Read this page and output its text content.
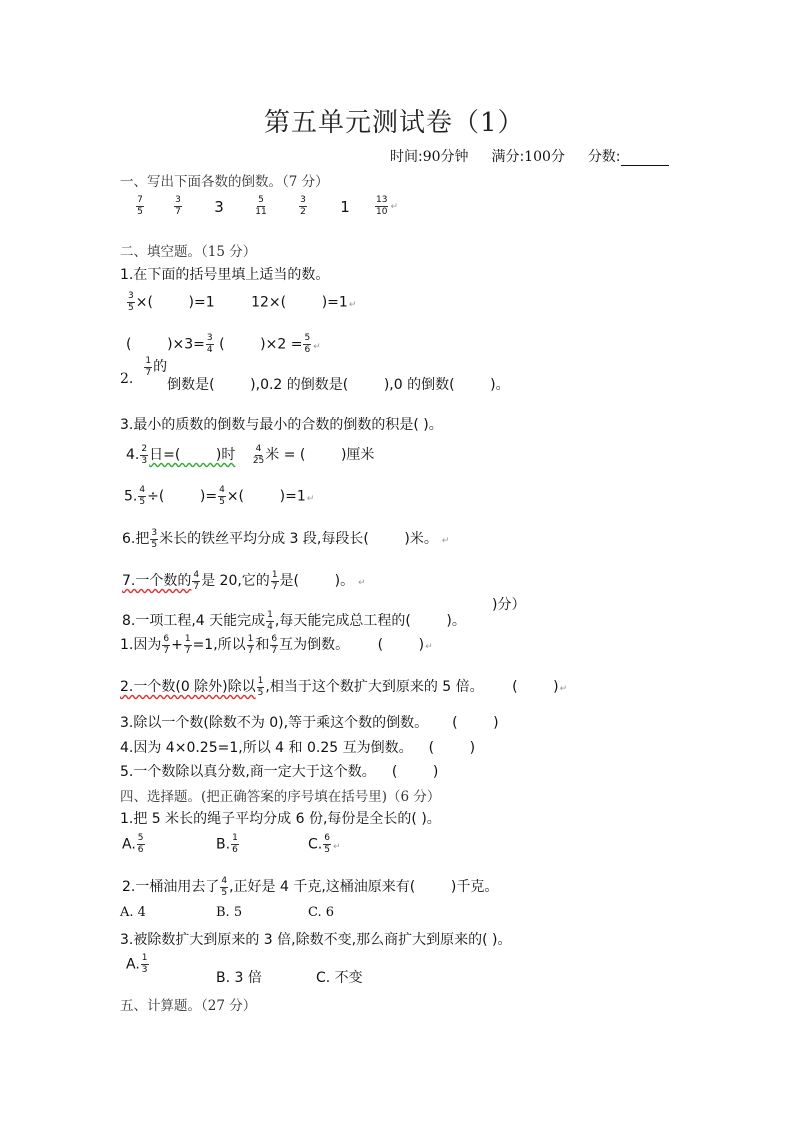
第五单元测试卷（1）
时间:90分钟 满分:100分 分数:
一、写出下面各数的倒数。（7 分）
$\frac{7}{5}$	$\frac{3}{7}$	3	$\frac{5}{11}$	$\frac{3}{2}$	1	$\frac{13}{10}$ ↵
二、填空题。（15 分）
1.在下面的括号里填上适当的数。
$\frac{3}{5}$ ×(        )=1	12×(        )=1↵
(        )$\times 3= \frac{3}{4}$ (        )$\times 2 = \frac{5}{6}$ ↵
2.
$\frac{1}{7}$ 的倒数是(        ),0.2 的倒数是(        ),0 的倒数(        )。
3.最小的质数的倒数与最小的合数的倒数的积是( )。
4. $\frac{2}{3}$ 日=(        )时 $\frac{4}{25}$ 米 = (        )厘米
5. $\frac{4}{5}$ ÷(        )= $\frac{4}{5}$ ×(        )=1↵
6.把 $\frac{3}{5}$ 米长的铁丝平均分成 3 段,每段长(        )米。 ↵
7.一个数的 $\frac{4}{7}$ 是 20,它的 $\frac{1}{7}$ 是(        )。 ↵
)分）
8.一项工程,4 天能完成 $\frac{1}{4}$ ,每天能完成总工程的(        )。
1.因为 $\frac{6}{7} + \frac{1}{7} =1$,所以 $\frac{1}{7}$ 和 $\frac{6}{7}$ 互为倒数。 (        )↵
2.一个数(0 除外)除以 $\frac{1}{5}$ ,相当于这个数扩大到原来的 5 倍。 (        )↵
3.除以一个数(除数不为 0),等于乘这个数的倒数。 (        )
4.因为 4×0.25=1,所以 4 和 0.25 互为倒数。 (        )
5.一个数除以真分数,商一定大于这个数。 (        )
四、选择题。(把正确答案的序号填在括号里)（6 分）
1.把 5 米长的绳子平均分成 6 份,每份是全长的( )。
A. $\frac{5}{6}$	B. $\frac{1}{6}$	C. $\frac{6}{5}$ ↵
2.一桶油用去了 $\frac{4}{5}$ ,正好是 4 千克,这桶油原来有(        )千克。
A. 4	B. 5	C. 6
3.被除数扩大到原来的 3 倍,除数不变,那么商扩大到原来的( )。
A. $\frac{1}{3}$
B. 3 倍	C. 不变
五、计算题。（27 分）
